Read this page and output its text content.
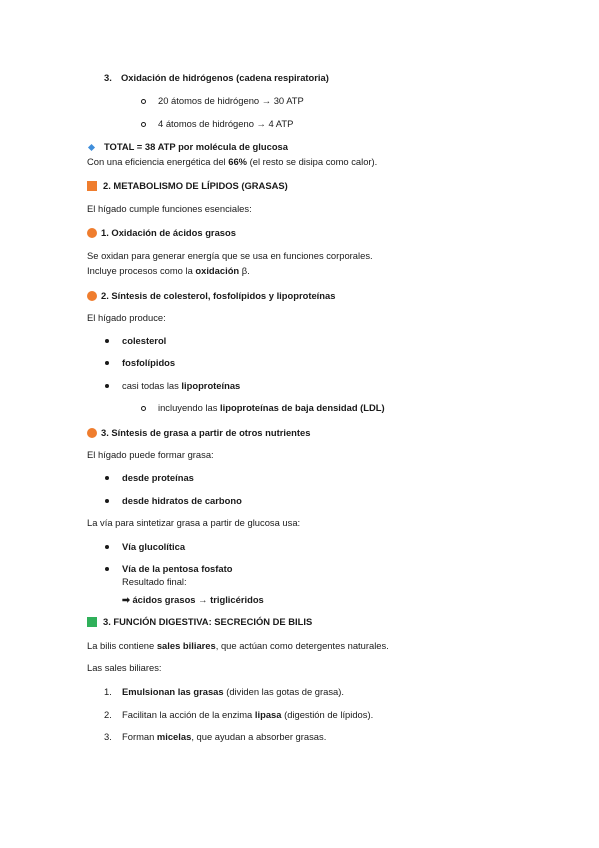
3. Oxidación de hidrógenos (cadena respiratoria)
20 átomos de hidrógeno → 30 ATP
4 átomos de hidrógeno → 4 ATP
TOTAL = 38 ATP por molécula de glucosa
Con una eficiencia energética del 66% (el resto se disipa como calor).
2. METABOLISMO DE LÍPIDOS (GRASAS)
El hígado cumple funciones esenciales:
1. Oxidación de ácidos grasos
Se oxidan para generar energía que se usa en funciones corporales.
Incluye procesos como la oxidación β.
2. Síntesis de colesterol, fosfolípidos y lipoproteínas
El hígado produce:
colesterol
fosfolípidos
casi todas las lipoproteínas
incluyendo las lipoproteínas de baja densidad (LDL)
3. Síntesis de grasa a partir de otros nutrientes
El hígado puede formar grasa:
desde proteínas
desde hidratos de carbono
La vía para sintetizar grasa a partir de glucosa usa:
Vía glucolítica
Vía de la pentosa fosfato
Resultado final:
➡ ácidos grasos → triglicéridos
3. FUNCIÓN DIGESTIVA: SECRECIÓN DE BILIS
La bilis contiene sales biliares, que actúan como detergentes naturales.
Las sales biliares:
1. Emulsionan las grasas (dividen las gotas de grasa).
2. Facilitan la acción de la enzima lipasa (digestión de lípidos).
3. Forman micelas, que ayudan a absorber grasas.
